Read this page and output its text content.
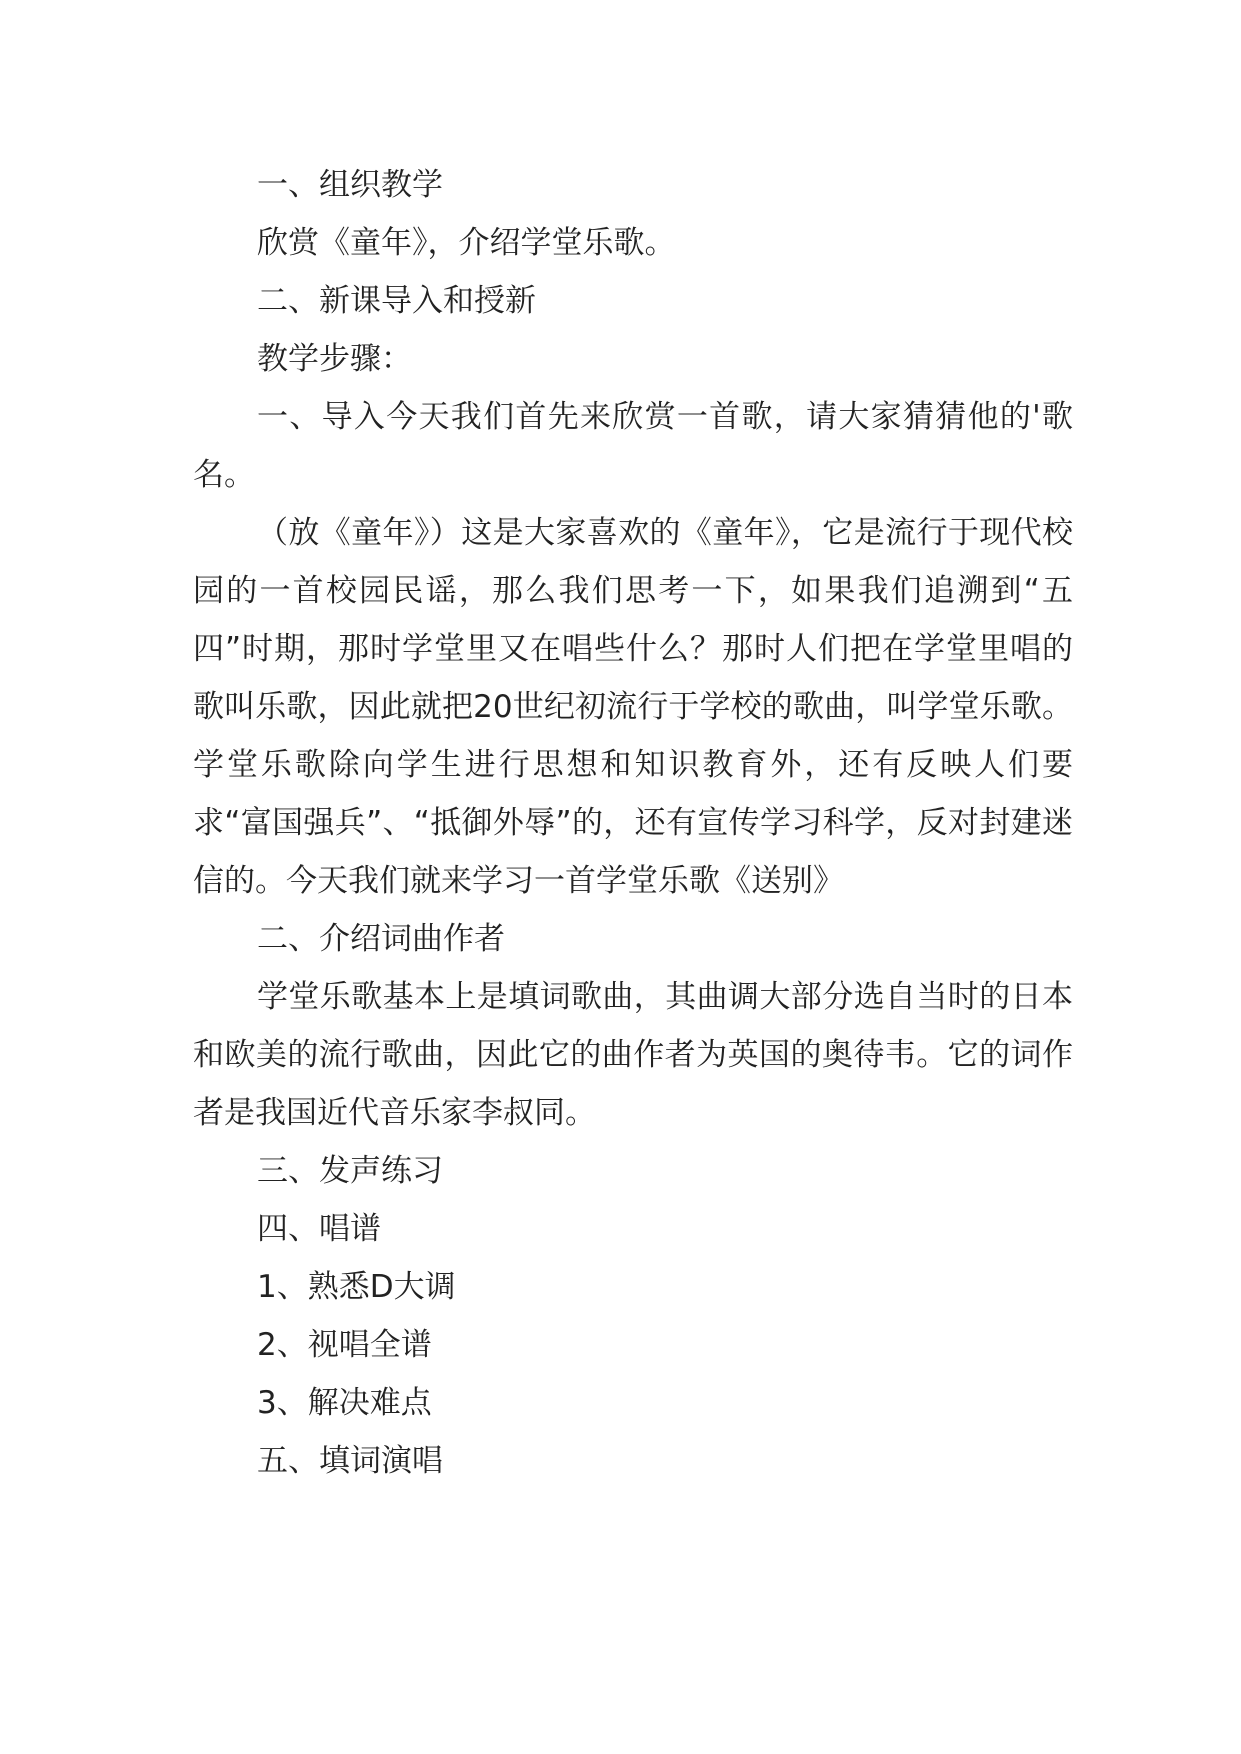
一、组织教学

欣赏《童年》，介绍学堂乐歌。

二、新课导入和授新

教学步骤：

一、导入今天我们首先来欣赏一首歌，请大家猜猜他的'歌名。

（放《童年》）这是大家喜欢的《童年》，它是流行于现代校园的一首校园民谣，那么我们思考一下，如果我们追溯到“五四”时期，那时学堂里又在唱些什么？那时人们把在学堂里唱的歌叫乐歌，因此就把20世纪初流行于学校的歌曲，叫学堂乐歌。学堂乐歌除向学生进行思想和知识教育外，还有反映人们要求“富国强兵”、“抵御外辱”的，还有宣传学习科学，反对封建迷信的。今天我们就来学习一首学堂乐歌《送别》

二、介绍词曲作者

学堂乐歌基本上是填词歌曲，其曲调大部分选自当时的日本和欧美的流行歌曲，因此它的曲作者为英国的奥待韦。它的词作者是我国近代音乐家李叔同。

三、发声练习

四、唱谱

1、熟悉D大调

2、视唱全谱

3、解决难点

五、填词演唱
